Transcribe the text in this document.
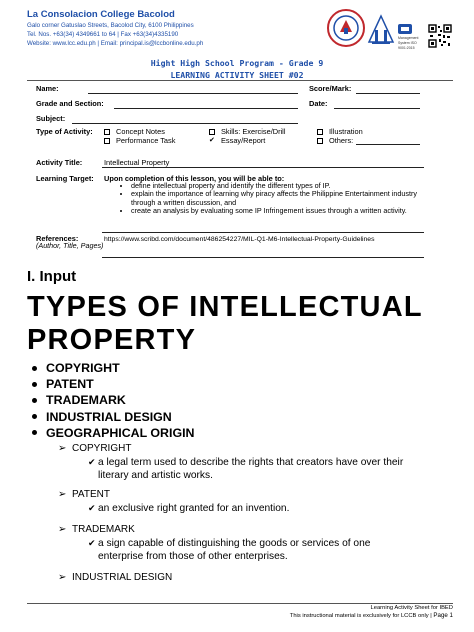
La Consolacion College Bacolod
Galo corner Gatuslao Streets, Bacolod City, 6100 Philippines
Tel. Nos. +63(34) 4349661 to 64 | Fax +63(34)4335190
Website: www.lcc.edu.ph | Email: principal.is@lccbonline.edu.ph
Management System ISO 9001:2015
Hight High School Program - Grade 9
LEARNING ACTIVITY SHEET #02
Name:	Score/Mark:
Grade and Section:	Date:
Subject:
Type of Activity:	Concept Notes	Skills: Exercise/Drill	Illustration
Performance Task	✔ Essay/Report	Others:
Activity Title:	Intellectual Property
Learning Target: Upon completion of this lesson, you will be able to:
• define intellectual property and identify the different types of IP.
• explain the importance of learning why piracy affects the Philippine Entertainment industry through a written discussion, and
• create an analysis by evaluating some IP Infringement issues through a written activity.
References:
(Author, Title, Pages)
https://www.scribd.com/document/486254227/MIL-Q1-M6-Intellectual-Property-Guidelines
I. Input
TYPES OF INTELLECTUAL PROPERTY
COPYRIGHT
PATENT
TRADEMARK
INDUSTRIAL DESIGN
GEOGRAPHICAL ORIGIN
➢ COPYRIGHT
✔ a legal term used to describe the rights that creators have over their
literary and artistic works.
➢ PATENT
✔ an exclusive right granted for an invention.
➢ TRADEMARK
✔ a sign capable of distinguishing the goods or services of one
enterprise from those of other enterprises.
➢ INDUSTRIAL DESIGN
Learning Activity Sheet for IBED
This instructional material is exclusively for LCCB only | Page 1
